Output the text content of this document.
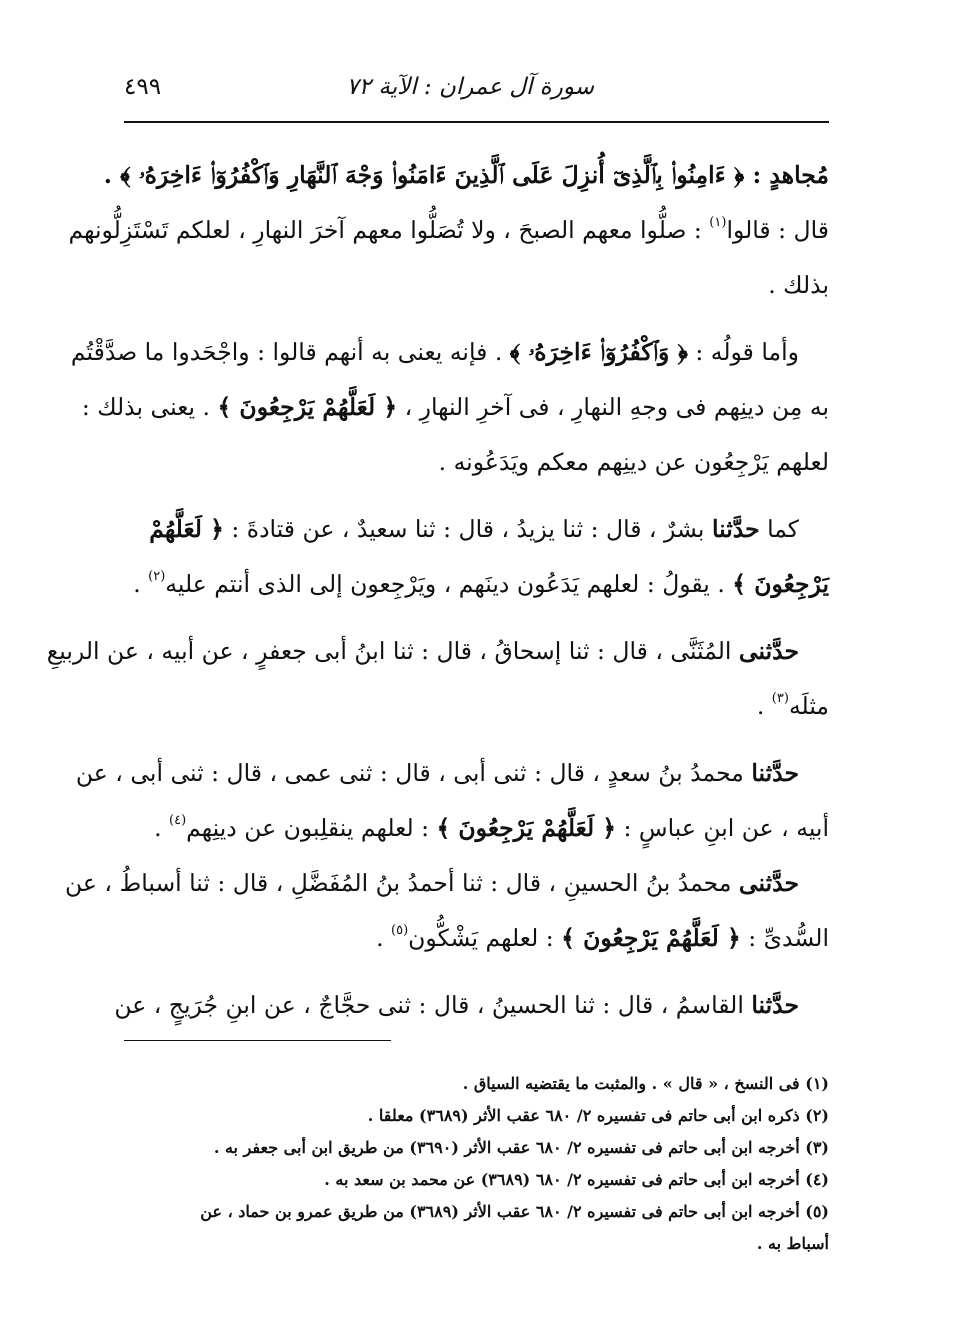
سورة آل عمران : الآية ٧٢
٤٩٩
مُجاهدٍ : ﴿ ءَامِنُوا۟ بِٱلَّذِىٓ أُنزِلَ عَلَى ٱلَّذِينَ ءَامَنُوا۟ وَجْهَ ٱلنَّهَارِ وَٱكْفُرُوٓا۟ ءَاخِرَهُۥ ﴾ .
قال : قالوا$^{(١)}$ : صلُّوا معهم الصبحَ ، ولا تُصَلُّوا معهم آخرَ النهارِ ، لعلكم تَسْتَزِلُّونهم
بذلك .
وأما قولُه : ﴿ وَٱكْفُرُوٓا۟ ءَاخِرَهُۥ ﴾ . فإنه يعنى به أنهم قالوا : واجْحَدوا ما صدَّقْتُم
به مِن دينِهم فى وجهِ النهارِ ، فى آخرِ النهارِ ، ﴿ لَعَلَّهُمْ يَرْجِعُونَ ﴾ . يعنى بذلك :
لعلهم يَرْجِعُون عن دينِهم معكم ويَدَعُونه .
كما حدَّثنا بشرٌ ، قال : ثنا يزيدُ ، قال : ثنا سعيدٌ ، عن قتادةَ : ﴿ لَعَلَّهُمْ
يَرْجِعُونَ ﴾ . يقولُ : لعلهم يَدَعُون دينَهم ، ويَرْجِعون إلى الذى أنتم عليه$^{(٢)}$ .
حدَّثنى المُثَنَّى ، قال : ثنا إسحاقُ ، قال : ثنا ابنُ أبى جعفرٍ ، عن أبيه ، عن الربيعِ
مثلَه$^{(٣)}$ .
حدَّثنا محمدُ بنُ سعدٍ ، قال : ثنى أبى ، قال : ثنى عمى ، قال : ثنى أبى ، عن
أبيه ، عن ابنِ عباسٍ : ﴿ لَعَلَّهُمْ يَرْجِعُونَ ﴾ : لعلهم ينقلِبون عن دينِهم$^{(٤)}$ .
حدَّثنى محمدُ بنُ الحسينِ ، قال : ثنا أحمدُ بنُ المُفَضَّلِ ، قال : ثنا أسباطُ ، عن
السُّدىِّ : ﴿ لَعَلَّهُمْ يَرْجِعُونَ ﴾ : لعلهم يَشْكُّون$^{(٥)}$ .
حدَّثنا القاسمُ ، قال : ثنا الحسينُ ، قال : ثنى حجَّاجٌ ، عن ابنِ جُرَيجٍ ، عن
(١) فى النسخ ، « قال » . والمثبت ما يقتضيه السياق .
(٢) ذكره ابن أبى حاتم فى تفسيره ٢/ ٦٨٠ عقب الأثر (٣٦٨٩) معلقا .
(٣) أخرجه ابن أبى حاتم فى تفسيره ٢/ ٦٨٠ عقب الأثر (٣٦٩٠) من طريق ابن أبى جعفر به .
(٤) أخرجه ابن أبى حاتم فى تفسيره ٢/ ٦٨٠ (٣٦٨٩) عن محمد بن سعد به .
(٥) أخرجه ابن أبى حاتم فى تفسيره ٢/ ٦٨٠ عقب الأثر (٣٦٨٩) من طريق عمرو بن حماد ، عن
أسباط به .
